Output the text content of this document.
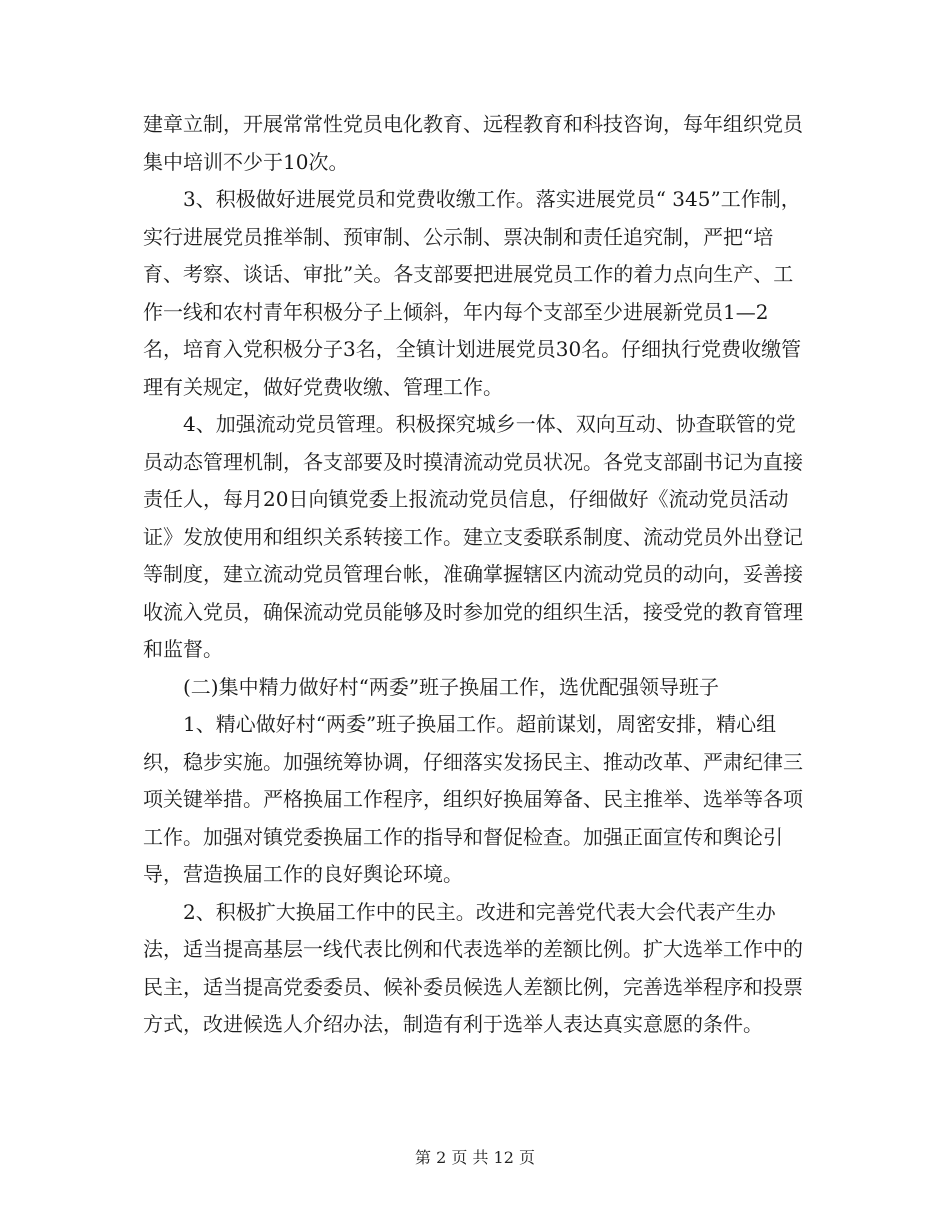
建章立制，开展常常性党员电化教育、远程教育和科技咨询，每年组织党员集中培训不少于10次。

3、积极做好进展党员和党费收缴工作。落实进展党员“ 345”工作制，实行进展党员推举制、预审制、公示制、票决制和责任追究制，严把“培育、考察、谈话、审批”关。各支部要把进展党员工作的着力点向生产、工作一线和农村青年积极分子上倾斜，年内每个支部至少进展新党员1—2名，培育入党积极分子3名，全镇计划进展党员30名。仔细执行党费收缴管理有关规定，做好党费收缴、管理工作。

4、加强流动党员管理。积极探究城乡一体、双向互动、协查联管的党员动态管理机制，各支部要及时摸清流动党员状况。各党支部副书记为直接责任人，每月20日向镇党委上报流动党员信息，仔细做好《流动党员活动证》发放使用和组织关系转接工作。建立支委联系制度、流动党员外出登记等制度，建立流动党员管理台帐，准确掌握辖区内流动党员的动向，妥善接收流入党员，确保流动党员能够及时参加党的组织生活，接受党的教育管理和监督。

(二)集中精力做好村“两委”班子换届工作，选优配强领导班子

1、精心做好村“两委”班子换届工作。超前谋划，周密安排，精心组织，稳步实施。加强统筹协调，仔细落实发扬民主、推动改革、严肃纪律三项关键举措。严格换届工作程序，组织好换届筹备、民主推举、选举等各项工作。加强对镇党委换届工作的指导和督促检查。加强正面宣传和舆论引导，营造换届工作的良好舆论环境。

2、积极扩大换届工作中的民主。改进和完善党代表大会代表产生办法，适当提高基层一线代表比例和代表选举的差额比例。扩大选举工作中的民主，适当提高党委委员、候补委员候选人差额比例，完善选举程序和投票方式，改进候选人介绍办法，制造有利于选举人表达真实意愿的条件。

第 2 页 共 12 页
